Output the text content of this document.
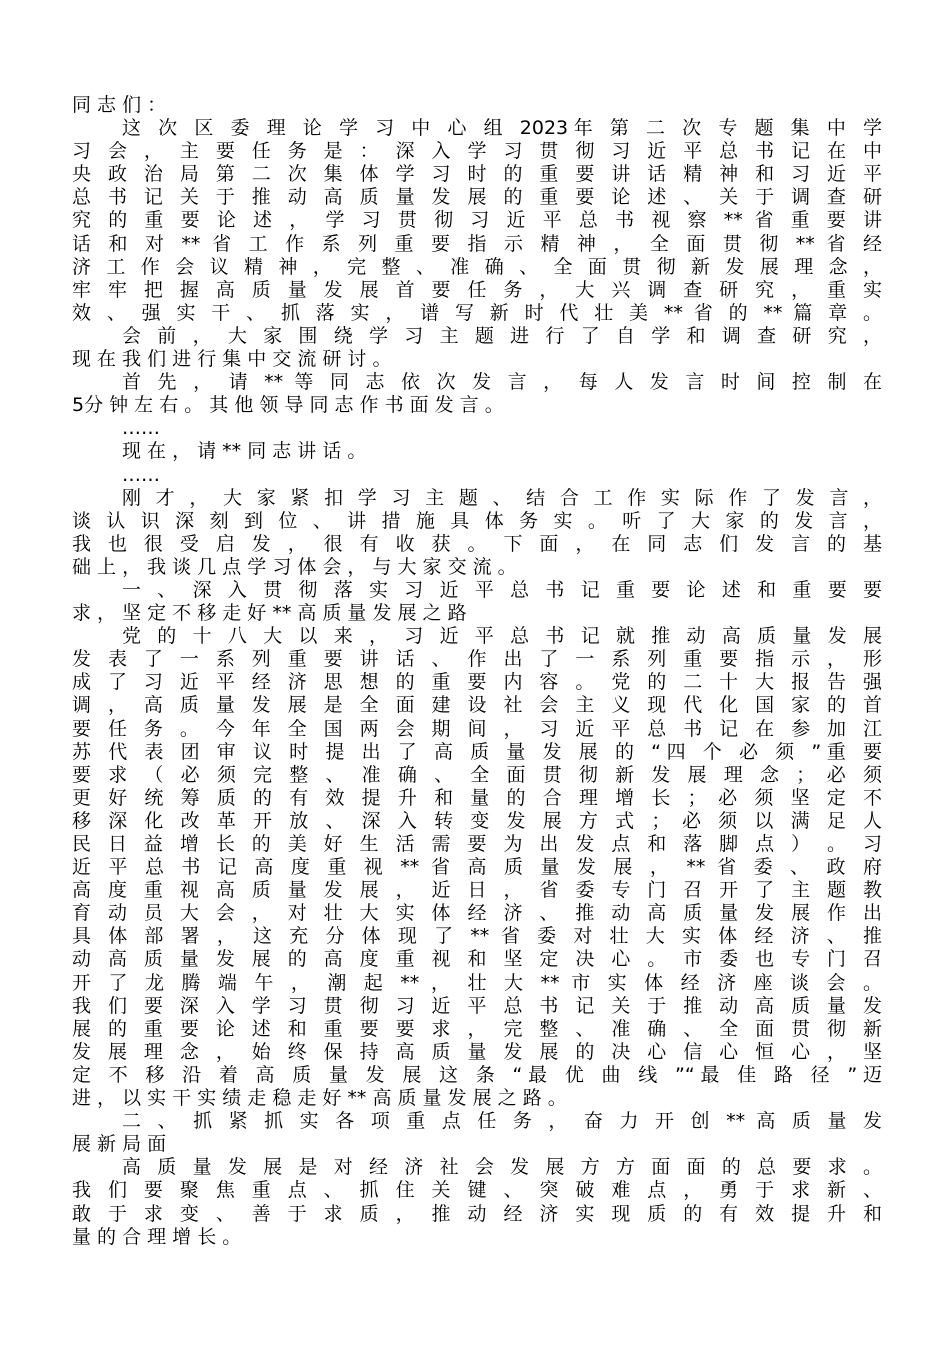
同 志 们 ：
这 次 区 委 理 论 学 习 中 心 组 2023年 第 二 次 专 题 集 中 学
习 会 ， 主 要 任 务 是 ： 深 入 学 习 贯 彻 习 近 平 总 书 记 在 中
央 政 治 局 第 二 次 集 体 学 习 时 的 重 要 讲 话 精 神 和 习 近 平
总 书 记 关 于 推 动 高 质 量 发 展 的 重 要 论 述 、 关 于 调 查 研
究 的 重 要 论 述 ， 学 习 贯 彻 习 近 平 总 书 视 察 ** 省 重 要 讲
话 和 对 ** 省 工 作 系 列 重 要 指 示 精 神 ， 全 面 贯 彻 ** 省 经
济 工 作 会 议 精 神 ， 完 整 、 准 确 、 全 面 贯 彻 新 发 展 理 念 ，
牢 牢 把 握 高 质 量 发 展 首 要 任 务 ， 大 兴 调 查 研 究 ， 重 实
效 、 强 实 干 、 抓 落 实 ， 谱 写 新 时 代 壮 美 ** 省 的 ** 篇 章 。
会 前 ， 大 家 围 绕 学 习 主 题 进 行 了 自 学 和 调 查 研 究 ，
现 在 我 们 进 行 集 中 交 流 研 讨 。
首 先 ， 请 ** 等 同 志 依 次 发 言 ， 每 人 发 言 时 间 控 制 在
5分 钟 左 右 。 其 他 领 导 同 志 作 书 面 发 言 。
……
现 在 ， 请 ** 同 志 讲 话 。
……
刚 才 ， 大 家 紧 扣 学 习 主 题 、 结 合 工 作 实 际 作 了 发 言 ，
谈 认 识 深 刻 到 位 、 讲 措 施 具 体 务 实 。 听 了 大 家 的 发 言 ，
我 也 很 受 启 发 ， 很 有 收 获 。 下 面 ， 在 同 志 们 发 言 的 基
础 上 ， 我 谈 几 点 学 习 体 会 ， 与 大 家 交 流 。
一 、 深 入 贯 彻 落 实 习 近 平 总 书 记 重 要 论 述 和 重 要 要
求 ， 坚 定 不 移 走 好 ** 高 质 量 发 展 之 路
党 的 十 八 大 以 来 ， 习 近 平 总 书 记 就 推 动 高 质 量 发 展
发 表 了 一 系 列 重 要 讲 话 、 作 出 了 一 系 列 重 要 指 示 ， 形
成 了 习 近 平 经 济 思 想 的 重 要 内 容 。 党 的 二 十 大 报 告 强
调 ， 高 质 量 发 展 是 全 面 建 设 社 会 主 义 现 代 化 国 家 的 首
要 任 务 。 今 年 全 国 两 会 期 间 ， 习 近 平 总 书 记 在 参 加 江
苏 代 表 团 审 议 时 提 出 了 高 质 量 发 展 的 “四 个 必 须 ”重 要
要 求 （ 必 须 完 整 、 准 确 、 全 面 贯 彻 新 发 展 理 念 ； 必 须
更 好 统 筹 质 的 有 效 提 升 和 量 的 合 理 增 长 ； 必 须 坚 定 不
移 深 化 改 革 开 放 、 深 入 转 变 发 展 方 式 ； 必 须 以 满 足 人
民 日 益 增 长 的 美 好 生 活 需 要 为 出 发 点 和 落 脚 点 ） 。 习
近 平 总 书 记 高 度 重 视 ** 省 高 质 量 发 展 ， ** 省 委 、 政 府
高 度 重 视 高 质 量 发 展 ， 近 日 ， 省 委 专 门 召 开 了 主 题 教
育 动 员 大 会 ， 对 壮 大 实 体 经 济 、 推 动 高 质 量 发 展 作 出
具 体 部 署 ， 这 充 分 体 现 了 ** 省 委 对 壮 大 实 体 经 济 、 推
动 高 质 量 发 展 的 高 度 重 视 和 坚 定 决 心 。 市 委 也 专 门 召
开 了 龙 腾 端 午 ， 潮 起 ** ， 壮 大 ** 市 实 体 经 济 座 谈 会 。
我 们 要 深 入 学 习 贯 彻 习 近 平 总 书 记 关 于 推 动 高 质 量 发
展 的 重 要 论 述 和 重 要 要 求 ， 完 整 、 准 确 、 全 面 贯 彻 新
发 展 理 念 ， 始 终 保 持 高 质 量 发 展 的 决 心 信 心 恒 心 ， 坚
定 不 移 沿 着 高 质 量 发 展 这 条 “最 优 曲 线 ”“最 佳 路 径 ”迈
进 ， 以 实 干 实 绩 走 稳 走 好 ** 高 质 量 发 展 之 路 。
二 、 抓 紧 抓 实 各 项 重 点 任 务 ， 奋 力 开 创 ** 高 质 量 发
展 新 局 面
高 质 量 发 展 是 对 经 济 社 会 发 展 方 方 面 面 的 总 要 求 。
我 们 要 聚 焦 重 点 、 抓 住 关 键 、 突 破 难 点 ， 勇 于 求 新 、
敢 于 求 变 、 善 于 求 质 ， 推 动 经 济 实 现 质 的 有 效 提 升 和
量 的 合 理 增 长 。
